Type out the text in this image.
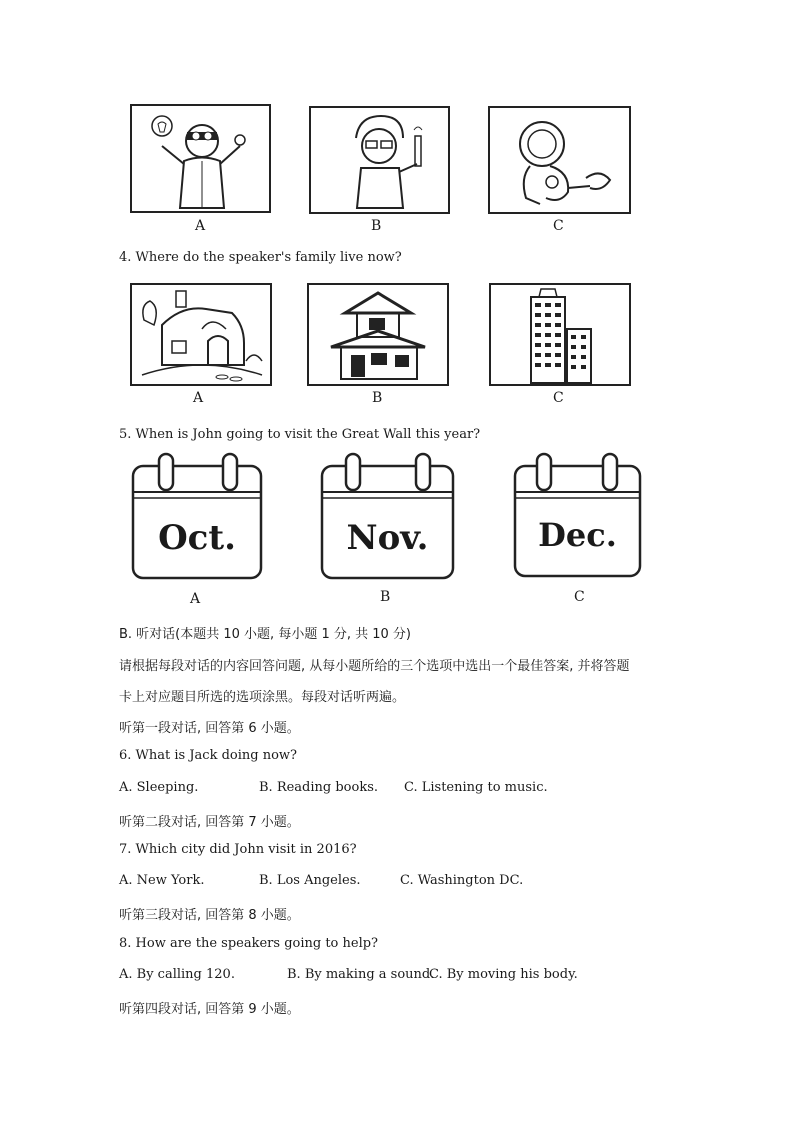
A	B	C
4. Where do the speaker's family live now?
A	B	C
5. When is John going to visit the Great Wall this year?
Oct.	Nov.	Dec.
A	B	C
B. 听对话(本题共 10 小题, 每小题 1 分, 共 10 分)
请根据每段对话的内容回答问题, 从每小题所给的三个选项中选出一个最佳答案, 并将答题
卡上对应题目所选的选项涂黑。每段对话听两遍。
听第一段对话, 回答第 6 小题。
6. What is Jack doing now?
A. Sleeping.	B. Reading books. C. Listening to music.
听第二段对话, 回答第 7 小题。
7. Which city did John visit in 2016?
A. New York.	B. Los Angeles.	C. Washington DC.
听第三段对话, 回答第 8 小题。
8. How are the speakers going to help?
A. By calling 120.	B. By making a sound.
C. By moving his body.
听第四段对话, 回答第 9 小题。
